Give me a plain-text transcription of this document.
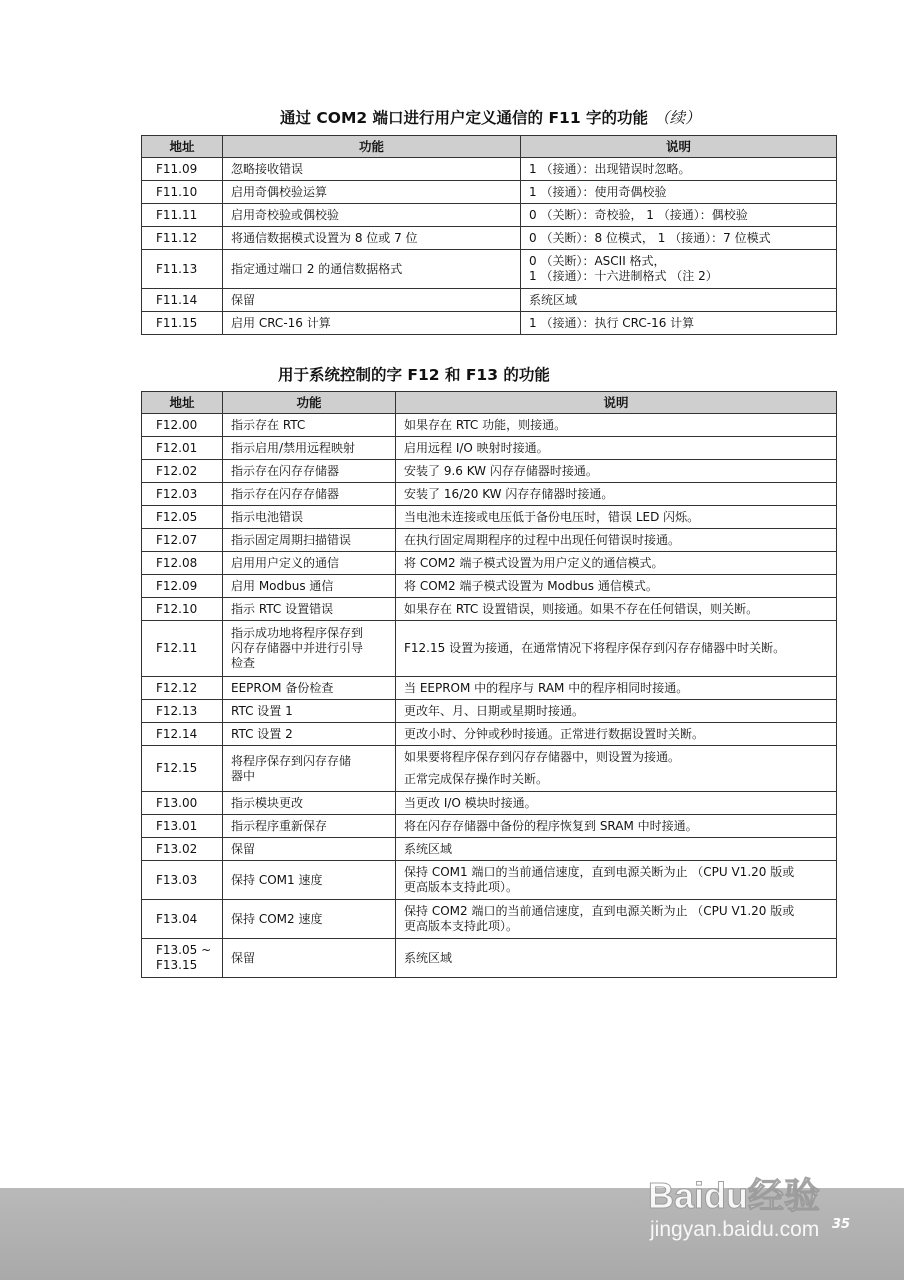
通过 COM2 端口进行用户定义通信的 F11 字的功能 （续）
地址	功能	说明
F11.09	忽略接收错误	1 （接通）：出现错误时忽略。
F11.10	启用奇偶校验运算	1 （接通）：使用奇偶校验
F11.11	启用奇校验或偶校验	0 （关断）：奇校验， 1 （接通）：偶校验
F11.12	将通信数据模式设置为 8 位或 7 位	0 （关断）：8 位模式， 1 （接通）：7 位模式
F11.13	指定通过端口 2 的通信数据格式	0 （关断）：ASCII 格式，
1 （接通）：十六进制格式 （注 2）

F11.14	保留	系统区域
F11.15	启用 CRC-16 计算	1 （接通）：执行 CRC-16 计算
用于系统控制的字 F12 和 F13 的功能
地址	功能	说明
F12.00	指示存在 RTC	如果存在 RTC 功能，则接通。
F12.01	指示启用/禁用远程映射	启用远程 I/O 映射时接通。
F12.02	指示存在闪存存储器	安装了 9.6 KW 闪存存储器时接通。
F12.03	指示存在闪存存储器	安装了 16/20 KW 闪存存储器时接通。
F12.05	指示电池错误	当电池未连接或电压低于备份电压时，错误 LED 闪烁。
F12.07	指示固定周期扫描错误	在执行固定周期程序的过程中出现任何错误时接通。
F12.08	启用用户定义的通信	将 COM2 端子模式设置为用户定义的通信模式。
F12.09	启用 Modbus 通信	将 COM2 端子模式设置为 Modbus 通信模式。
F12.10	指示 RTC 设置错误	如果存在 RTC 设置错误，则接通。如果不存在任何错误，则关断。
F12.11	指示成功地将程序保存到
闪存存储器中并进行引导
检查	F12.15 设置为接通，在通常情况下将程序保存到闪存存储器中时关断。
F12.12	EEPROM 备份检查	当 EEPROM 中的程序与 RAM 中的程序相同时接通。
F12.13	RTC 设置 1	更改年、月、日期或星期时接通。
F12.14	RTC 设置 2	更改小时、分钟或秒时接通。正常进行数据设置时关断。
F12.15	将程序保存到闪存存储
器中	如果要将程序保存到闪存存储器中，则设置为接通。
正常完成保存操作时关断。

F13.00	指示模块更改	当更改 I/O 模块时接通。
F13.01	指示程序重新保存	将在闪存存储器中备份的程序恢复到 SRAM 中时接通。
F13.02	保留	系统区域
F13.03	保持 COM1 速度	保持 COM1 端口的当前通信速度，直到电源关断为止 （CPU V1.20 版或
更高版本支持此项）。

F13.04	保持 COM2 速度	保持 COM2 端口的当前通信速度，直到电源关断为止 （CPU V1.20 版或
更高版本支持此项）。

F13.05 ~
F13.15	保留	系统区域
Baidu经验
jingyan.baidu.com 35
